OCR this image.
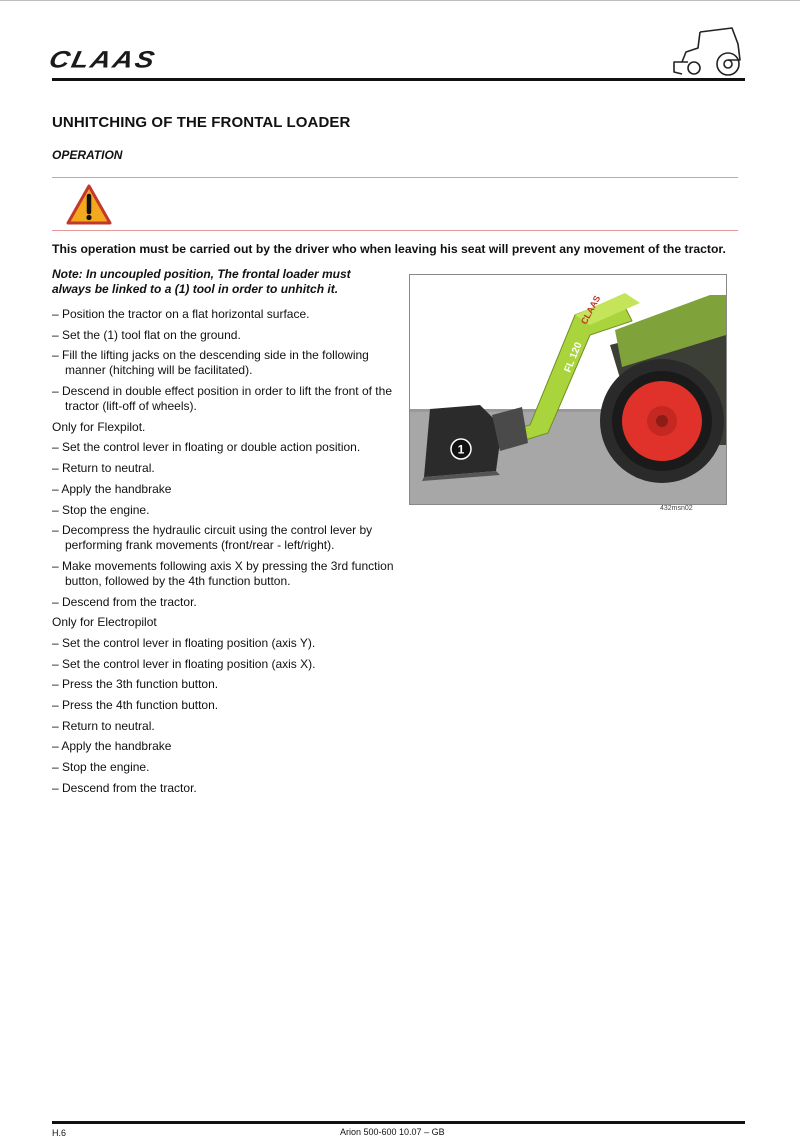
CLAAS
UNHITCHING OF THE FRONTAL LOADER
OPERATION
This operation must be carried out by the driver who when leaving his seat will prevent any movement of the tractor.
Note: In uncoupled position, The frontal loader must
always be linked to a (1) tool in order to unhitch it.
– Position the tractor on a flat horizontal surface.
– Set the (1) tool flat on the ground.
– Fill the lifting jacks on the descending side in the following manner (hitching will be facilitated).
– Descend in double effect position in order to lift the front of the tractor (lift-off of wheels).
Only for Flexpilot.
– Set the control lever in floating or double action position.
– Return to neutral.
– Apply the handbrake
– Stop the engine.
– Decompress the hydraulic circuit using the control lever by performing frank movements (front/rear - left/right).
– Make movements following axis X by pressing the 3rd function button, followed by the 4th function button.
– Descend from the tractor.
Only for Electropilot
– Set the control lever in floating position (axis Y).
– Set the control lever in floating position (axis X).
– Press the 3th function button.
– Press the 4th function button.
– Return to neutral.
– Apply the handbrake
– Stop the engine.
– Descend from the tractor.
CLAAS
FL 120
1
432msn02
H.6	Arion 500-600 10.07 – GB
